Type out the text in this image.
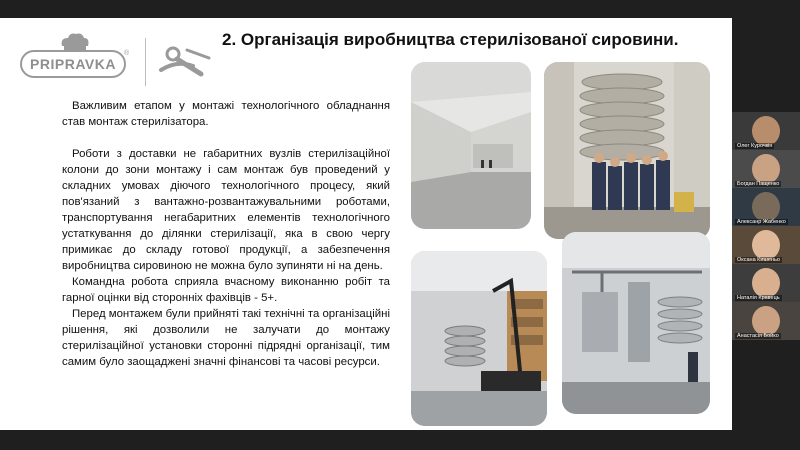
PRIPRAVKA
®
2. Організація виробництва стерилізованої сировини.

Важливим етапом у монтажі технологічного обладнання став монтаж стерилізатора.

Роботи з доставки не габаритних вузлів стерилізаційної колони до зони монтажу і сам монтаж був проведений у складних умовах діючого технологічного процесу, який пов'язаний з вантажно-розвантажувальними роботами, транспортування негабаритних елементів технологічного устаткування до ділянки стерилізації, яка в свою чергу примикає до складу готової продукції, а забезпечення виробництва сировиною не можна було зупиняти ні на день.

Командна робота сприяла вчасному виконанню робіт та гарної оцінки від сторонніх фахівців - 5+.

Перед монтажем були прийняті такі технічні та організаційні рішення, які дозволили не залучати до монтажу стерилізаційної установки сторонні підрядні організації, тим самим було заощаджені значні фінансові та часові ресурси.

Олег Курочкін
Богдан Пащенко
Алексанр Жабенко
Оксана Кишеньо
Наталія Кравець
Анастасія Бойко
